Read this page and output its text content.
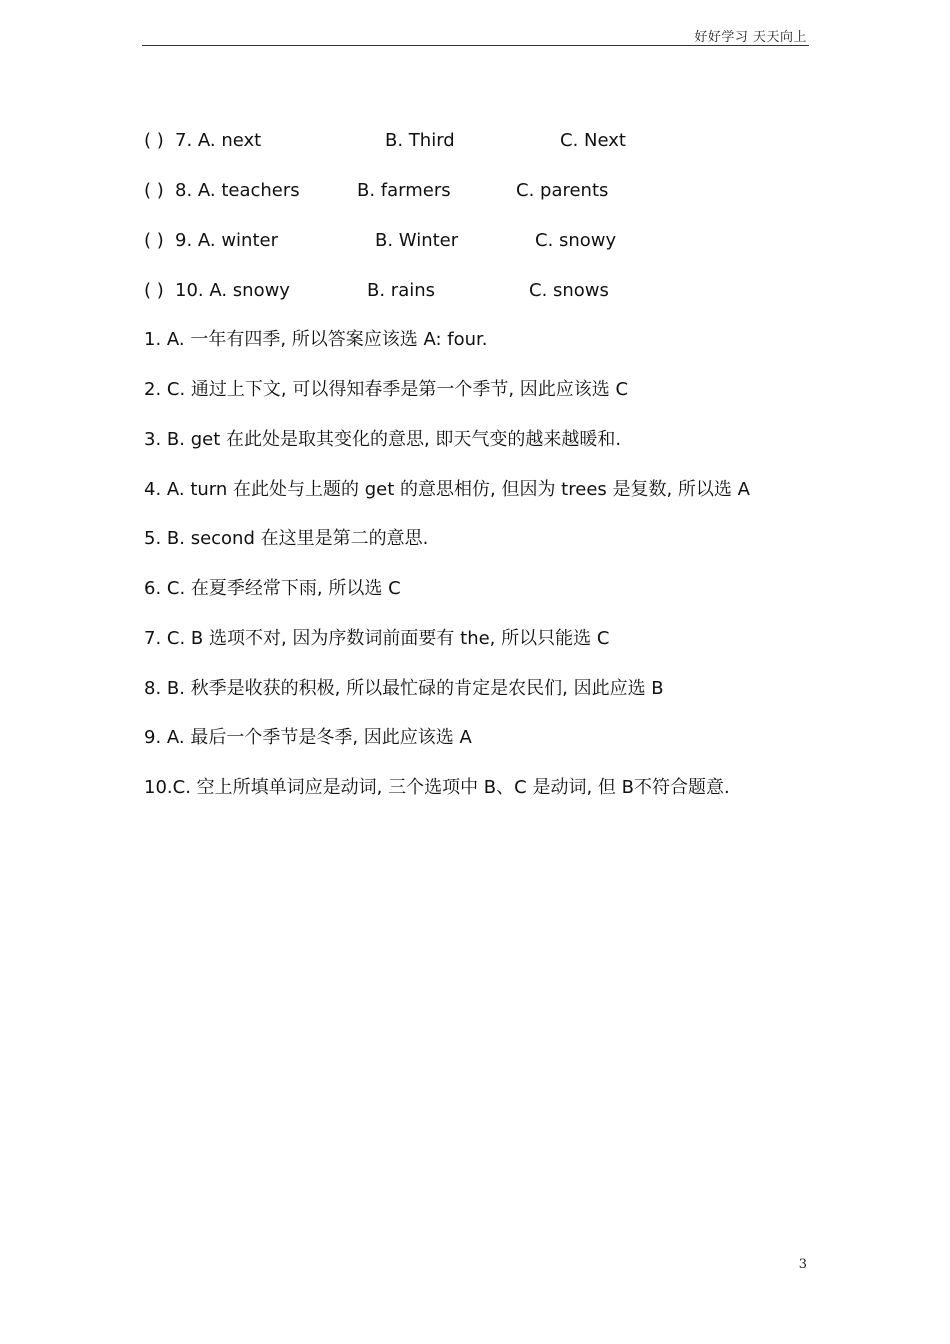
好好学习 天天向上
( ) 7. A. next	B. Third	C. Next
( ) 8. A. teachers	B. farmers	C. parents
( ) 9. A. winter	B. Winter	C. snowy
( ) 10. A. snowy	B. rains	C. snows
1. A. 一年有四季, 所以答案应该选 A: four.
2. C. 通过上下文, 可以得知春季是第一个季节, 因此应该选 C
3. B. get 在此处是取其变化的意思, 即天气变的越来越暖和.
4. A. turn 在此处与上题的 get 的意思相仿, 但因为 trees 是复数, 所以选 A
5. B. second 在这里是第二的意思.
6. C. 在夏季经常下雨, 所以选 C
7. C. B 选项不对, 因为序数词前面要有 the, 所以只能选 C
8. B. 秋季是收获的积极, 所以最忙碌的肯定是农民们, 因此应选 B
9. A. 最后一个季节是冬季, 因此应该选 A
10.C. 空上所填单词应是动词, 三个选项中 B、C 是动词, 但 B不符合题意.
3
